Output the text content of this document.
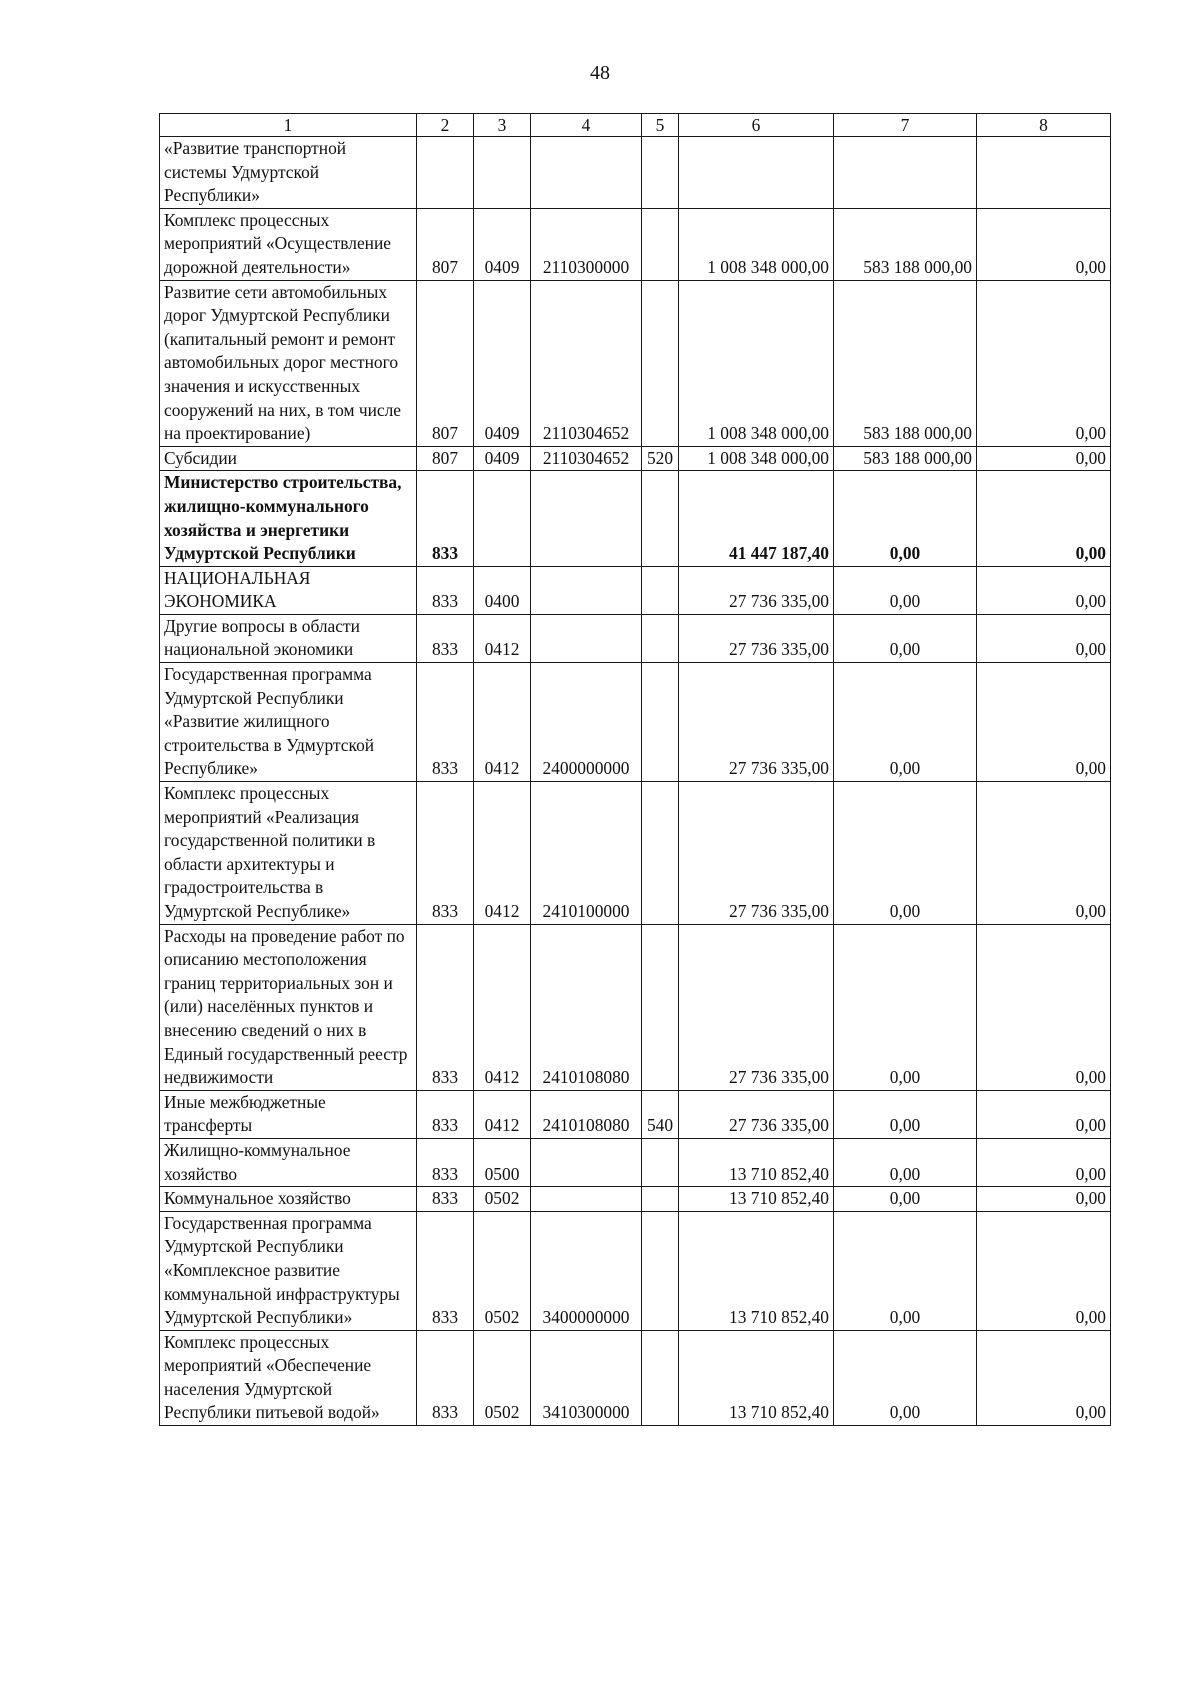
48
1	2	3	4	5	6	7	8
«Развитие транспортной системы Удмуртской Республики»							
Комплекс процессных мероприятий «Осуществление дорожной деятельности»	807	0409	2110300000		1 008 348 000,00	583 188 000,00	0,00
Развитие сети автомобильных дорог Удмуртской Республики (капитальный ремонт и ремонт автомобильных дорог местного значения и искусственных сооружений на них, в том числе на проектирование)	807	0409	2110304652		1 008 348 000,00	583 188 000,00	0,00
Субсидии	807	0409	2110304652	520	1 008 348 000,00	583 188 000,00	0,00
Министерство строительства, жилищно-коммунального хозяйства и энергетики Удмуртской Республики	833				41 447 187,40	0,00	0,00
НАЦИОНАЛЬНАЯ ЭКОНОМИКА	833	0400			27 736 335,00	0,00	0,00
Другие вопросы в области национальной экономики	833	0412			27 736 335,00	0,00	0,00
Государственная программа Удмуртской Республики «Развитие жилищного строительства в Удмуртской Республике»	833	0412	2400000000		27 736 335,00	0,00	0,00
Комплекс процессных мероприятий «Реализация государственной политики в области архитектуры и градостроительства в Удмуртской Республике»	833	0412	2410100000		27 736 335,00	0,00	0,00
Расходы на проведение работ по описанию местоположения границ территориальных зон и (или) населённых пунктов и внесению сведений о них в Единый государственный реестр недвижимости	833	0412	2410108080		27 736 335,00	0,00	0,00
Иные межбюджетные трансферты	833	0412	2410108080	540	27 736 335,00	0,00	0,00
Жилищно-коммунальное хозяйство	833	0500			13 710 852,40	0,00	0,00
Коммунальное хозяйство	833	0502			13 710 852,40	0,00	0,00
Государственная программа Удмуртской Республики «Комплексное развитие коммунальной инфраструктуры Удмуртской Республики»	833	0502	3400000000		13 710 852,40	0,00	0,00
Комплекс процессных мероприятий «Обеспечение населения Удмуртской Республики питьевой водой»	833	0502	3410300000		13 710 852,40	0,00	0,00
